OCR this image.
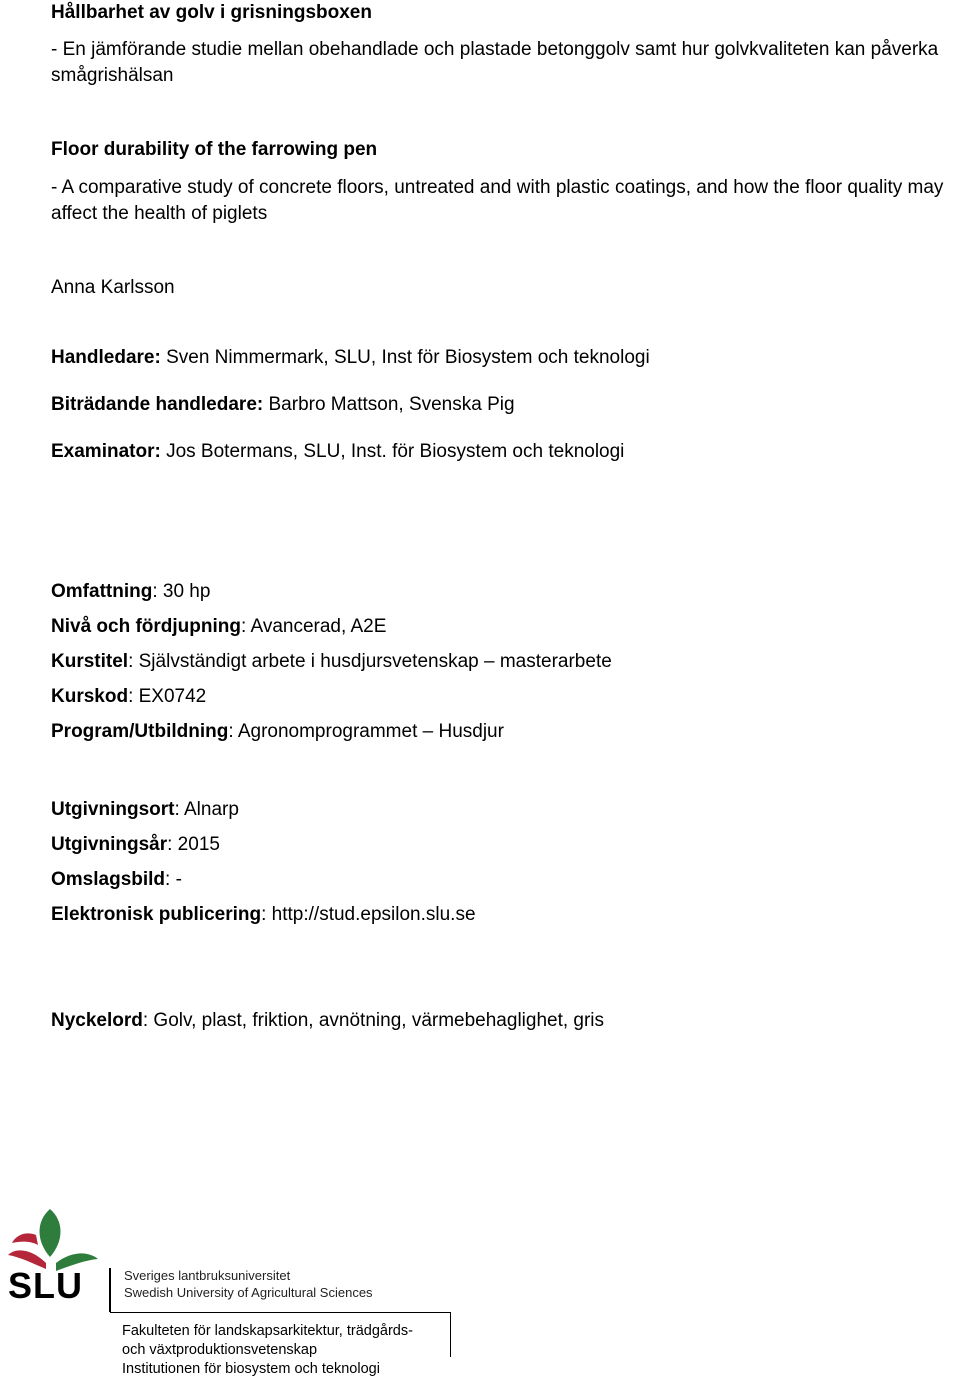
Hållbarhet av golv i grisningsboxen
- En jämförande studie mellan obehandlade och plastade betonggolv samt hur golvkvaliteten kan påverka smågrishälsan
Floor durability of the farrowing pen
- A comparative study of concrete floors, untreated and with plastic coatings, and how the floor quality may affect the health of piglets
Anna Karlsson
Handledare: Sven Nimmermark, SLU, Inst för Biosystem och teknologi
Biträdande handledare: Barbro Mattson, Svenska Pig
Examinator: Jos Botermans, SLU, Inst. för Biosystem och teknologi
Omfattning: 30 hp
Nivå och fördjupning: Avancerad, A2E
Kurstitel: Självständigt arbete i husdjursvetenskap – masterarbete
Kurskod: EX0742
Program/Utbildning: Agronomprogrammet – Husdjur
Utgivningsort: Alnarp
Utgivningsår: 2015
Omslagsbild: -
Elektronisk publicering: http://stud.epsilon.slu.se
Nyckelord: Golv, plast, friktion, avnötning, värmebehaglighet, gris
SLU	Sveriges lantbruksuniversitet
Swedish University of Agricultural Sciences
Fakulteten för landskapsarkitektur, trädgårds-
och växtproduktionsvetenskap
Institutionen för biosystem och teknologi
